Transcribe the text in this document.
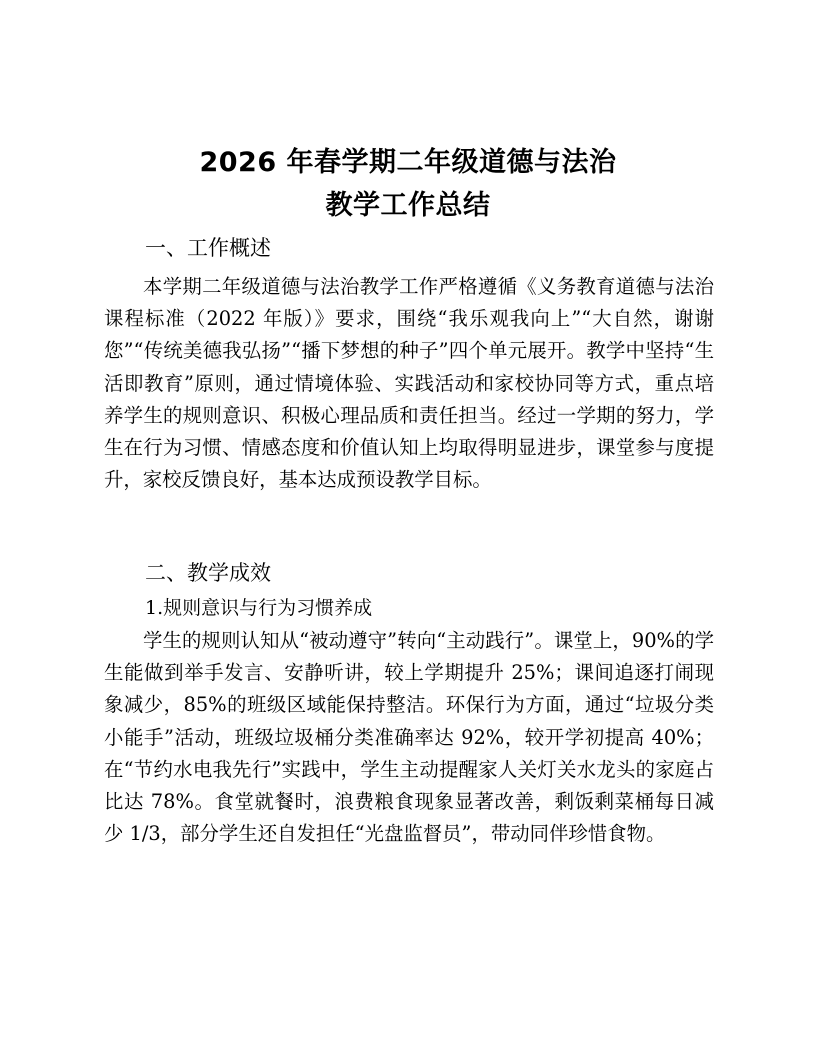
2026 年春学期二年级道德与法治
教学工作总结
一、工作概述

本学期二年级道德与法治教学工作严格遵循《义务教育道德与法治课程标准（2022 年版）》要求，围绕“我乐观我向上”“大自然，谢谢您”“传统美德我弘扬”“播下梦想的种子”四个单元展开。教学中坚持“生活即教育”原则，通过情境体验、实践活动和家校协同等方式，重点培养学生的规则意识、积极心理品质和责任担当。经过一学期的努力，学生在行为习惯、情感态度和价值认知上均取得明显进步，课堂参与度提升，家校反馈良好，基本达成预设教学目标。

二、教学成效
1.规则意识与行为习惯养成

学生的规则认知从“被动遵守”转向“主动践行”。课堂上，90%的学生能做到举手发言、安静听讲，较上学期提升 25%；课间追逐打闹现象减少，85%的班级区域能保持整洁。环保行为方面，通过“垃圾分类小能手”活动，班级垃圾桶分类准确率达 92%，较开学初提高 40%；在“节约水电我先行”实践中，学生主动提醒家人关灯关水龙头的家庭占比达 78%。食堂就餐时，浪费粮食现象显著改善，剩饭剩菜桶每日减少 1/3，部分学生还自发担任“光盘监督员”，带动同伴珍惜食物。
